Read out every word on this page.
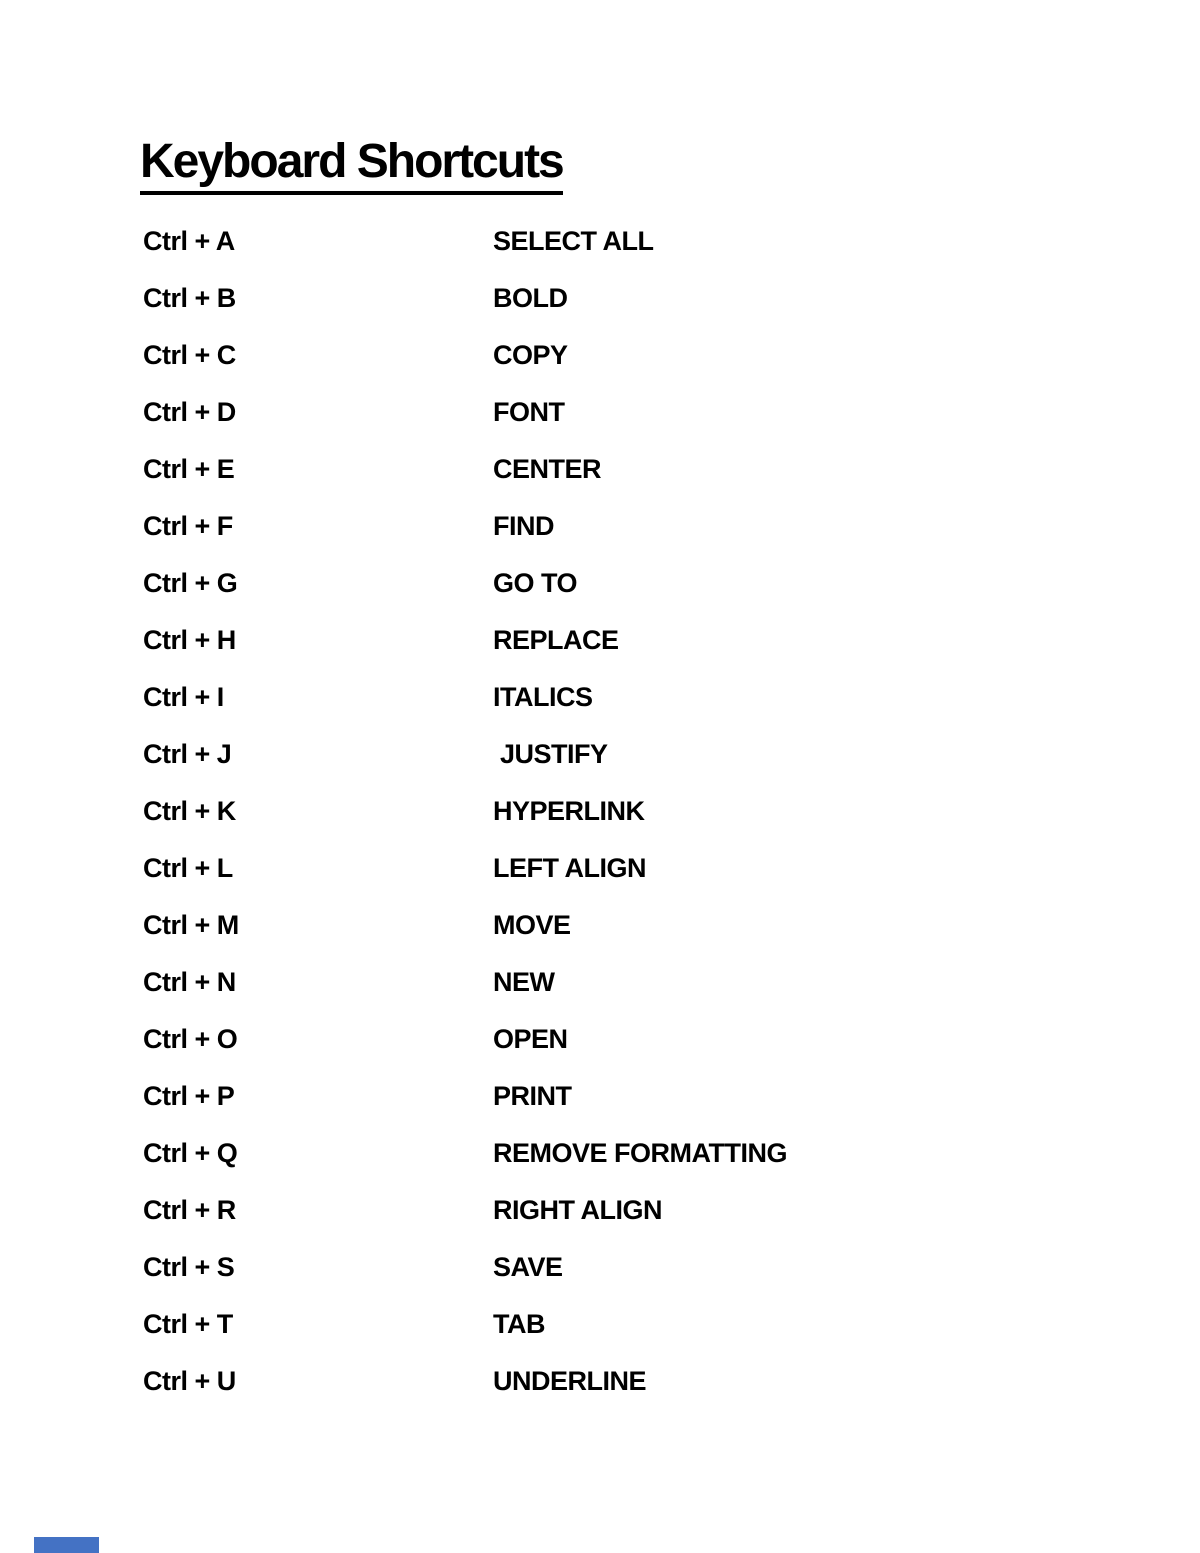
Keyboard Shortcuts
Ctrl + A	SELECT ALL
Ctrl + B	BOLD
Ctrl + C	COPY
Ctrl + D	FONT
Ctrl + E	CENTER
Ctrl + F	FIND
Ctrl + G	GO TO
Ctrl + H	REPLACE
Ctrl + I	ITALICS
Ctrl + J	JUSTIFY
Ctrl + K	HYPERLINK
Ctrl + L	LEFT ALIGN
Ctrl + M	MOVE
Ctrl + N	NEW
Ctrl + O	OPEN
Ctrl + P	PRINT
Ctrl + Q	REMOVE FORMATTING
Ctrl + R	RIGHT ALIGN
Ctrl + S	SAVE
Ctrl + T	TAB
Ctrl + U	UNDERLINE
